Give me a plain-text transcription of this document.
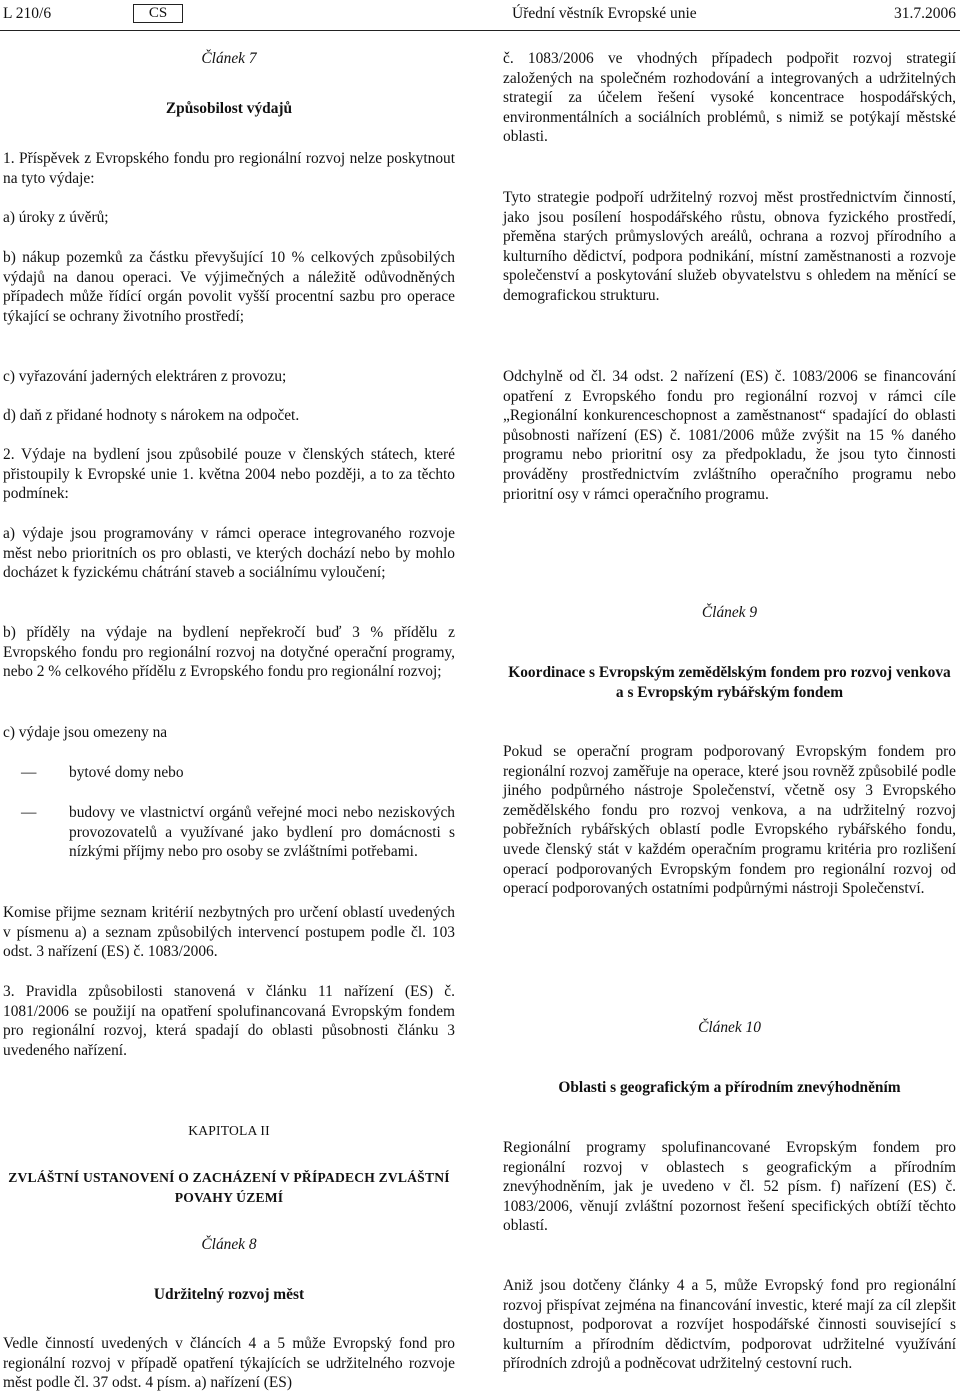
L 210/6	CS	Úřední věstník Evropské unie	31.7.2006

Článek 7

Způsobilost výdajů

1. Příspěvek z Evropského fondu pro regionální rozvoj nelze poskytnout na tyto výdaje:

a) úroky z úvěrů;

b) nákup pozemků za částku převyšující 10 % celkových způsobilých výdajů na danou operaci. Ve výjimečných a náležitě odůvodněných případech může řídící orgán povolit vyšší procentní sazbu pro operace týkající se ochrany životního prostředí;

c) vyřazování jaderných elektráren z provozu;

d) daň z přidané hodnoty s nárokem na odpočet.

2. Výdaje na bydlení jsou způsobilé pouze v členských státech, které přistoupily k Evropské unie 1. května 2004 nebo později, a to za těchto podmínek:

a) výdaje jsou programovány v rámci operace integrovaného rozvoje měst nebo prioritních os pro oblasti, ve kterých dochází nebo by mohlo docházet k fyzickému chátrání staveb a sociálnímu vyloučení;

b) příděly na výdaje na bydlení nepřekročí buď 3 % přídělu z Evropského fondu pro regionální rozvoj na dotyčné operační programy, nebo 2 % celkového přídělu z Evropského fondu pro regionální rozvoj;

c) výdaje jsou omezeny na

— bytové domy nebo
— budovy ve vlastnictví orgánů veřejné moci nebo neziskových provozovatelů a využívané jako bydlení pro domácnosti s nízkými příjmy nebo pro osoby se zvláštními potřebami.

Komise přijme seznam kritérií nezbytných pro určení oblastí uvedených v písmenu a) a seznam způsobilých intervencí postupem podle čl. 103 odst. 3 nařízení (ES) č. 1083/2006.

3. Pravidla způsobilosti stanovená v článku 11 nařízení (ES) č. 1081/2006 se použijí na opatření spolufinancovaná Evropským fondem pro regionální rozvoj, která spadají do oblasti působnosti článku 3 uvedeného nařízení.

KAPITOLA II

ZVLÁŠTNÍ USTANOVENÍ O ZACHÁZENÍ V PŘÍPADECH ZVLÁŠTNÍ POVAHY ÚZEMÍ

Článek 8

Udržitelný rozvoj měst

Vedle činností uvedených v článcích 4 a 5 může Evropský fond pro regionální rozvoj v případě opatření týkajících se udržitelného rozvoje měst podle čl. 37 odst. 4 písm. a) nařízení (ES)

č. 1083/2006 ve vhodných případech podpořit rozvoj strategií založených na společném rozhodování a integrovaných a udržitelných strategií za účelem řešení vysoké koncentrace hospodářských, environmentálních a sociálních problémů, s nimiž se potýkají městské oblasti.

Tyto strategie podpoří udržitelný rozvoj měst prostřednictvím činností, jako jsou posílení hospodářského růstu, obnova fyzického prostředí, přeměna starých průmyslových areálů, ochrana a rozvoj přírodního a kulturního dědictví, podpora podnikání, místní zaměstnanosti a rozvoje společenství a poskytování služeb obyvatelstvu s ohledem na měnící se demografickou strukturu.

Odchylně od čl. 34 odst. 2 nařízení (ES) č. 1083/2006 se financování opatření z Evropského fondu pro regionální rozvoj v rámci cíle „Regionální konkurenceschopnost a zaměstnanost“ spadající do oblasti působnosti nařízení (ES) č. 1081/2006 může zvýšit na 15 % daného programu nebo prioritní osy za předpokladu, že jsou tyto činnosti prováděny prostřednictvím zvláštního operačního programu nebo prioritní osy v rámci operačního programu.

Článek 9

Koordinace s Evropským zemědělským fondem pro rozvoj venkova a s Evropským rybářským fondem

Pokud se operační program podporovaný Evropským fondem pro regionální rozvoj zaměřuje na operace, které jsou rovněž způsobilé podle jiného podpůrného nástroje Společenství, včetně osy 3 Evropského zemědělského fondu pro rozvoj venkova, a na udržitelný rozvoj pobřežních rybářských oblastí podle Evropského rybářského fondu, uvede členský stát v každém operačním programu kritéria pro rozlišení operací podporovaných Evropským fondem pro regionální rozvoj od operací podporovaných ostatními podpůrnými nástroji Společenství.

Článek 10

Oblasti s geografickým a přírodním znevýhodněním

Regionální programy spolufinancované Evropským fondem pro regionální rozvoj v oblastech s geografickým a přírodním znevýhodněním, jak je uvedeno v čl. 52 písm. f) nařízení (ES) č. 1083/2006, věnují zvláštní pozornost řešení specifických obtíží těchto oblastí.

Aniž jsou dotčeny články 4 a 5, může Evropský fond pro regionální rozvoj přispívat zejména na financování investic, které mají za cíl zlepšit dostupnost, podporovat a rozvíjet hospodářské činnosti související s kulturním a přírodním dědictvím, podporovat udržitelné využívání přírodních zdrojů a podněcovat udržitelný cestovní ruch.
